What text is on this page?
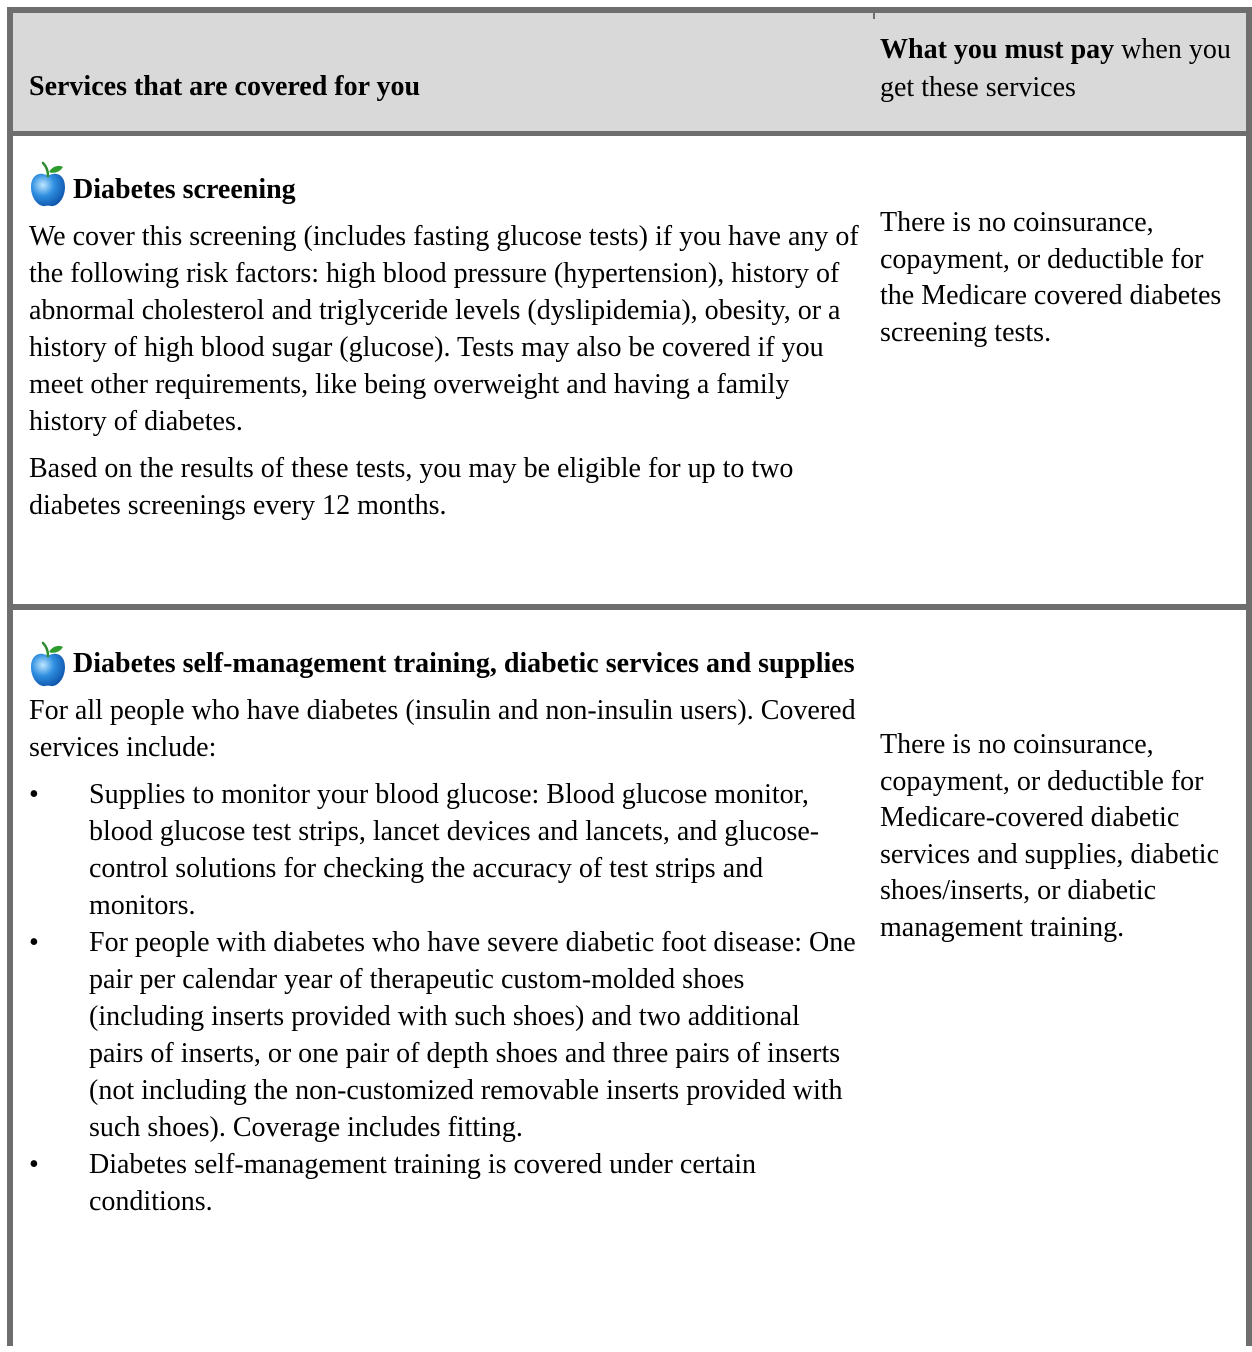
Services that are covered for you
What you must pay when you get these services
Diabetes screening

We cover this screening (includes fasting glucose tests) if you have any of the following risk factors: high blood pressure (hypertension), history of abnormal cholesterol and triglyceride levels (dyslipidemia), obesity, or a history of high blood sugar (glucose). Tests may also be covered if you meet other requirements, like being overweight and having a family history of diabetes.

Based on the results of these tests, you may be eligible for up to two diabetes screenings every 12 months.

There is no coinsurance, copayment, or deductible for the Medicare covered diabetes screening tests.
Diabetes self-management training, diabetic services and supplies

For all people who have diabetes (insulin and non-insulin users). Covered services include:

• Supplies to monitor your blood glucose: Blood glucose monitor, blood glucose test strips, lancet devices and lancets, and glucose-control solutions for checking the accuracy of test strips and monitors.
• For people with diabetes who have severe diabetic foot disease: One pair per calendar year of therapeutic custom-molded shoes (including inserts provided with such shoes) and two additional pairs of inserts, or one pair of depth shoes and three pairs of inserts (not including the non-customized removable inserts provided with such shoes). Coverage includes fitting.
• Diabetes self-management training is covered under certain conditions.
There is no coinsurance, copayment, or deductible for Medicare-covered diabetic services and supplies, diabetic shoes/inserts, or diabetic management training.
